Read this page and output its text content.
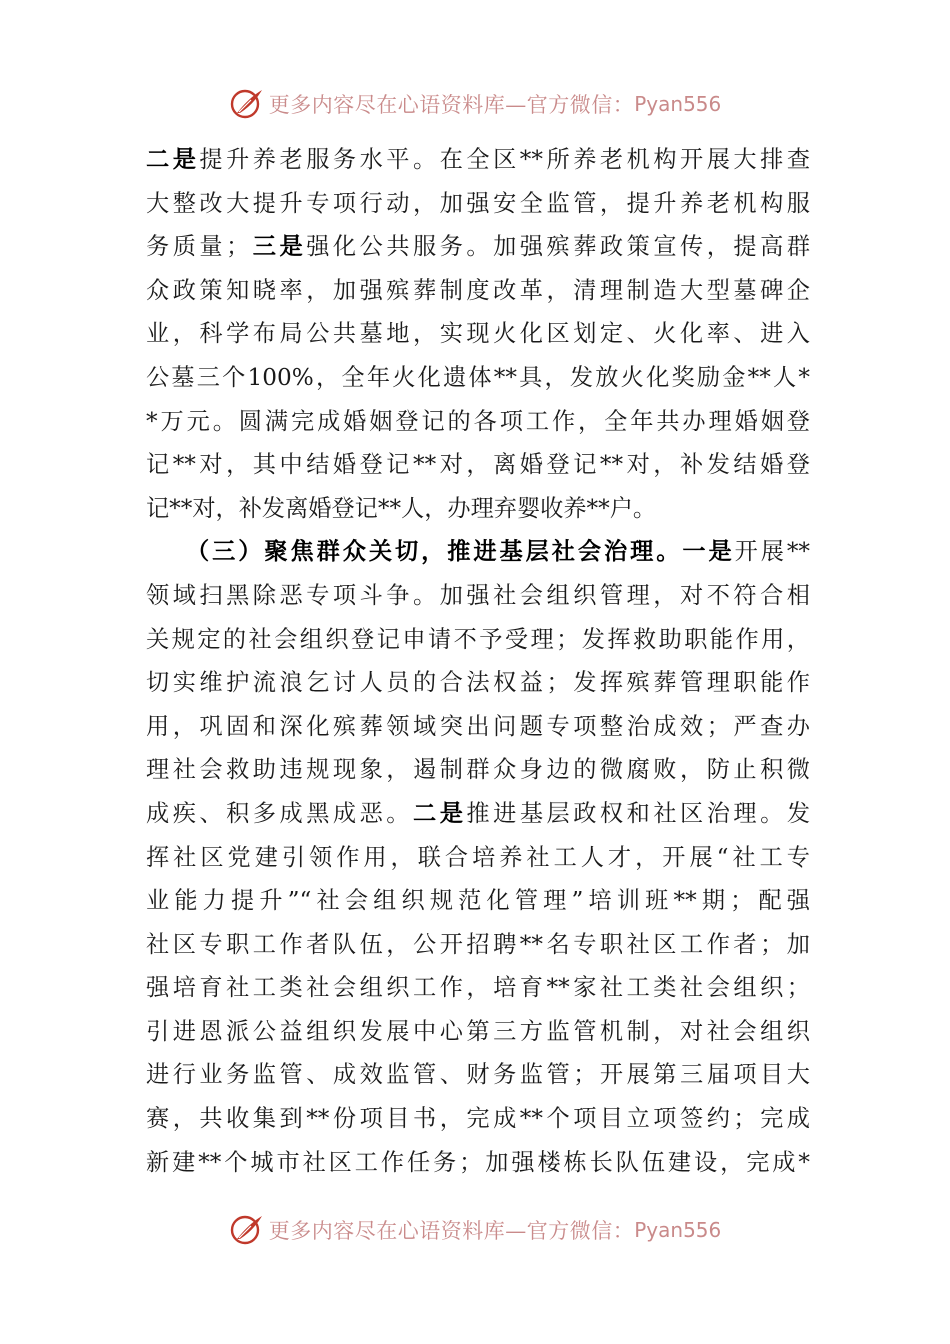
更多内容尽在心语资料库—官方微信： Pyan556
二是提升养老服务水平。在全区**所养老机构开展大排查
大整改大提升专项行动，加强安全监管，提升养老机构服
务质量；三是强化公共服务。加强殡葬政策宣传，提高群
众政策知晓率，加强殡葬制度改革，清理制造大型墓碑企
业，科学布局公共墓地，实现火化区划定、火化率、进入
公墓三个100%，全年火化遗体**具，发放火化奖励金**人*
*万元。圆满完成婚姻登记的各项工作，全年共办理婚姻登
记**对，其中结婚登记**对，离婚登记**对，补发结婚登
记**对，补发离婚登记**人，办理弃婴收养**户。
（三）聚焦群众关切，推进基层社会治理。一是开展**
领域扫黑除恶专项斗争。加强社会组织管理，对不符合相
关规定的社会组织登记申请不予受理；发挥救助职能作用，
切实维护流浪乞讨人员的合法权益；发挥殡葬管理职能作
用，巩固和深化殡葬领域突出问题专项整治成效；严查办
理社会救助违规现象，遏制群众身边的微腐败，防止积微
成疾、积多成黑成恶。二是推进基层政权和社区治理。发
挥社区党建引领作用，联合培养社工人才，开展“社工专
业能力提升”“社会组织规范化管理”培训班**期；配强
社区专职工作者队伍，公开招聘**名专职社区工作者；加
强培育社工类社会组织工作，培育**家社工类社会组织；
引进恩派公益组织发展中心第三方监管机制，对社会组织
进行业务监管、成效监管、财务监管；开展第三届项目大
赛，共收集到**份项目书，完成**个项目立项签约；完成
新建**个城市社区工作任务；加强楼栋长队伍建设，完成*
更多内容尽在心语资料库—官方微信： Pyan556
